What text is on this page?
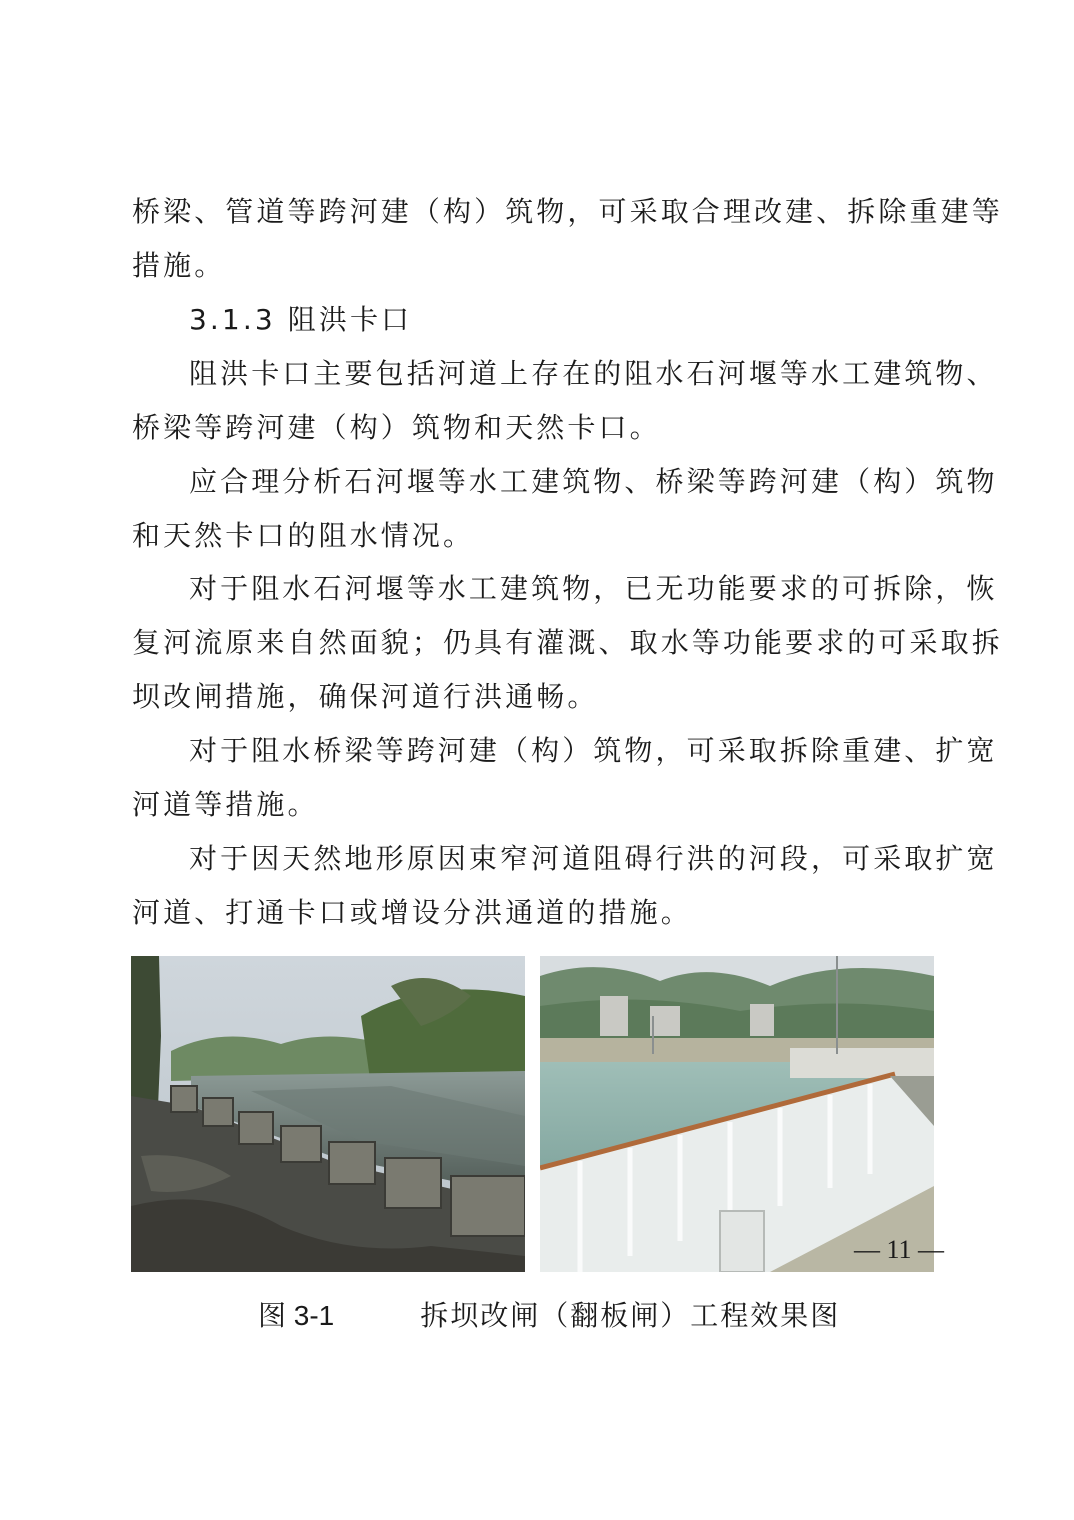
桥梁、管道等跨河建（构）筑物，可采取合理改建、拆除重建等
措施。
3.1.3 阻洪卡口
阻洪卡口主要包括河道上存在的阻水石河堰等水工建筑物、
桥梁等跨河建（构）筑物和天然卡口。
应合理分析石河堰等水工建筑物、桥梁等跨河建（构）筑物
和天然卡口的阻水情况。
对于阻水石河堰等水工建筑物，已无功能要求的可拆除，恢
复河流原来自然面貌；仍具有灌溉、取水等功能要求的可采取拆
坝改闸措施，确保河道行洪通畅。
对于阻水桥梁等跨河建（构）筑物，可采取拆除重建、扩宽
河道等措施。
对于因天然地形原因束窄河道阻碍行洪的河段，可采取扩宽
河道、打通卡口或增设分洪通道的措施。
图 3-1	拆坝改闸（翻板闸）工程效果图
— 11 —
